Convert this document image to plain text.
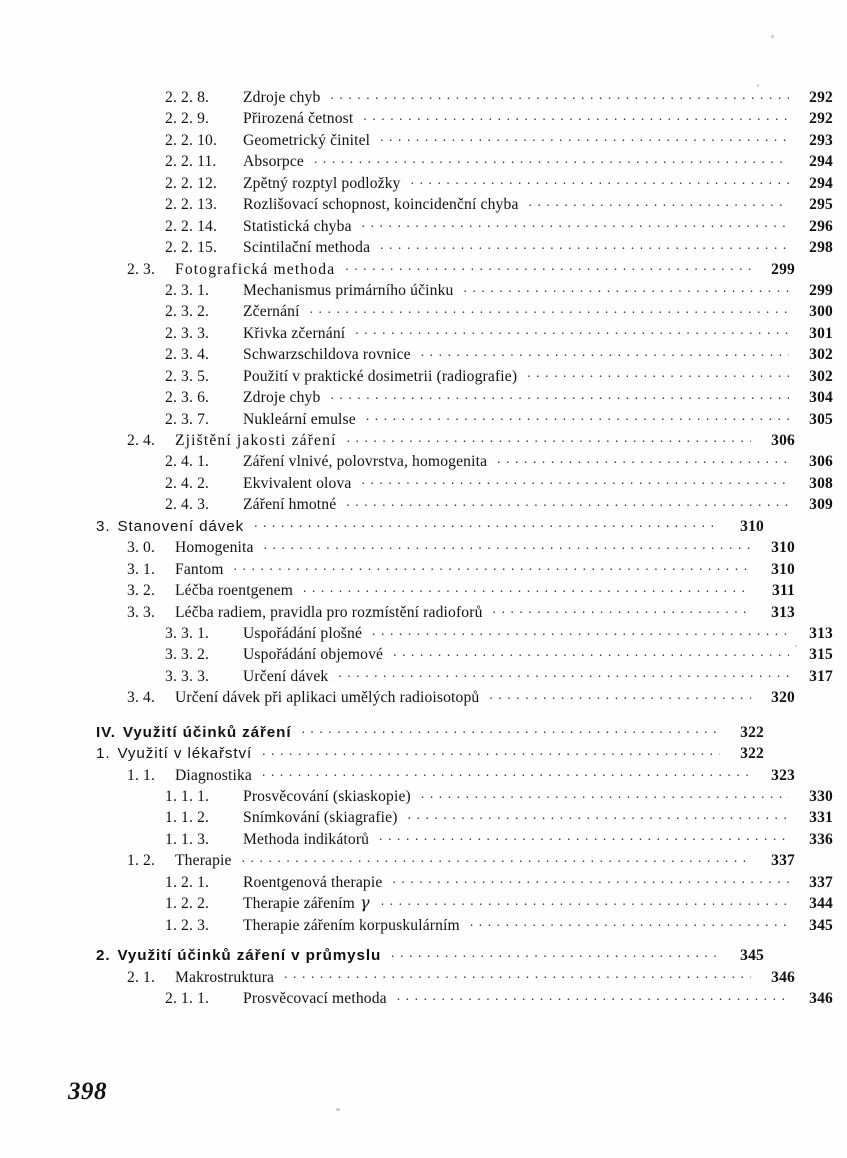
2. 2. 8.	Zdroje chyb . . .	292
2. 2. 9.	Přirozená četnost . . .	292
2. 2. 10.	Geometrický činitel . . .	293
2. 2. 11.	Absorpce . . .	294
2. 2. 12.	Zpětný rozptyl podložky . . .	294
2. 2. 13.	Rozlišovací schopnost, koincidenční chyba . . .	295
2. 2. 14.	Statistická chyba . . .	296
2. 2. 15.	Scintilační methoda . . .	298
2. 3.	Fotografická methoda . . .	299
2. 3. 1.	Mechanismus primárního účinku . . .	299
2. 3. 2.	Zčernání . . .	300
2. 3. 3.	Křivka zčernání . . .	301
2. 3. 4.	Schwarzschildova rovnice . . .	302
2. 3. 5.	Použití v praktické dosimetrii (radiografie) . . .	302
2. 3. 6.	Zdroje chyb . . .	304
2. 3. 7.	Nukleární emulse . . .	305
2. 4.	Zjištění jakosti záření . . .	306
2. 4. 1.	Záření vlnivé, polovrstva, homogenita . . .	306
2. 4. 2.	Ekvivalent olova . . .	308
2. 4. 3.	Záření hmotné . . .	309
3. Stanovení dávek . . .	310
3. 0.	Homogenita . . .	310
3. 1.	Fantom . . .	310
3. 2.	Léčba roentgenem . . .	311
3. 3.	Léčba radiem, pravidla pro rozmístění radioforů . . .	313
3. 3. 1.	Uspořádání plošné . . .	313
3. 3. 2.	Uspořádání objemové . . .	315
3. 3. 3.	Určení dávek . . .	317
3. 4.	Určení dávek při aplikaci umělých radioisotopů . . .	320
IV. Využití účinků záření . . .	322
1. Využití v lékařství . . .	322
1. 1.	Diagnostika . . .	323
1. 1. 1.	Prosvěcování (skiaskopie) . . .	330
1. 1. 2.	Snímkování (skiagrafie) . . .	331
1. 1. 3.	Methoda indikátorů . . .	336
1. 2.	Therapie . . .	337
1. 2. 1.	Roentgenová therapie . . .	337
1. 2. 2.	Therapie zářením γ . . .	344
1. 2. 3.	Therapie zářením korpuskulárním . . .	345
2. Využití účinků záření v průmyslu . . .	345
2. 1.	Makrostruktura . . .	346
2. 1. 1.	Prosvěcovací methoda . . .	346
398
